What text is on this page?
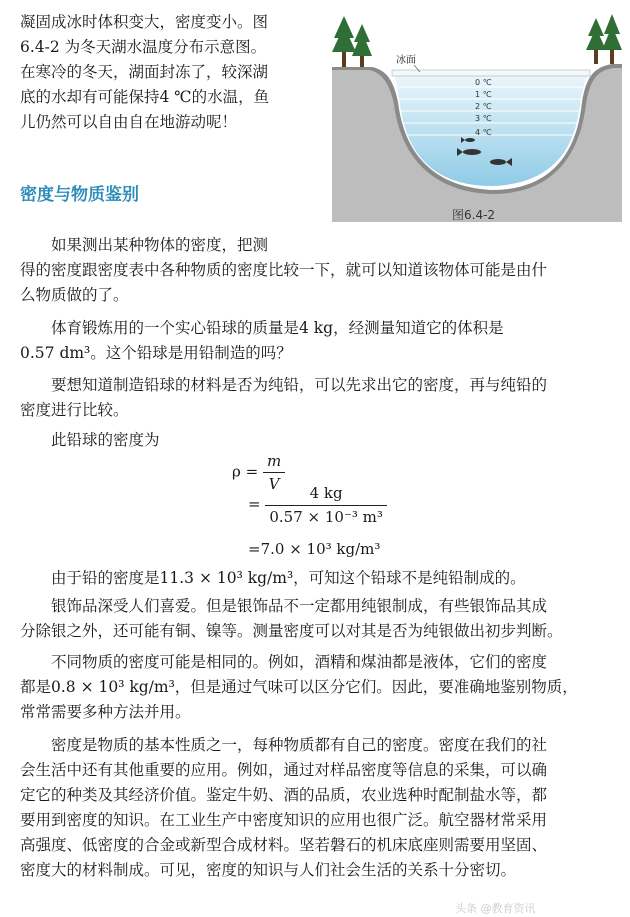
凝固成冰时体积变大，密度变小。图
6.4-2 为冬天湖水温度分布示意图。
在寒冷的冬天，湖面封冻了，较深湖
底的水却有可能保持4 ℃的水温，鱼
儿仍然可以自由自在地游动呢！
0 ℃
1 ℃
2 ℃
3 ℃
4 ℃
冰面
图6.4-2
密度与物质鉴别
如果测出某种物体的密度，把测
得的密度跟密度表中各种物质的密度比较一下，就可以知道该物体可能是由什
么物质做的了。
体育锻炼用的一个实心铅球的质量是4 kg，经测量知道它的体积是
0.57 dm³。这个铅球是用铅制造的吗？
要想知道制造铅球的材料是否为纯铅，可以先求出它的密度，再与纯铅的
密度进行比较。
此铅球的密度为
$\rho = \frac{m}{V}$
= $\frac{4 kg}{\text{0.57 × 10⁻³ m³}}$
=7.0 × 10³ kg/m³
由于铅的密度是11.3 × 10³ kg/m³，可知这个铅球不是纯铅制成的。
银饰品深受人们喜爱。但是银饰品不一定都用纯银制成，有些银饰品其成
分除银之外，还可能有铜、镍等。测量密度可以对其是否为纯银做出初步判断。
不同物质的密度可能是相同的。例如，酒精和煤油都是液体，它们的密度
都是0.8 × 10³ kg/m³，但是通过气味可以区分它们。因此，要准确地鉴别物质，
常常需要多种方法并用。
密度是物质的基本性质之一，每种物质都有自己的密度。密度在我们的社
会生活中还有其他重要的应用。例如，通过对样品密度等信息的采集，可以确
定它的种类及其经济价值。鉴定牛奶、酒的品质，农业选种时配制盐水等，都
要用到密度的知识。在工业生产中密度知识的应用也很广泛。航空器材常采用
高强度、低密度的合金或新型合成材料。坚若磐石的机床底座则需要用坚固、
密度大的材料制成。可见，密度的知识与人们社会生活的关系十分密切。
头条 @教育资讯
